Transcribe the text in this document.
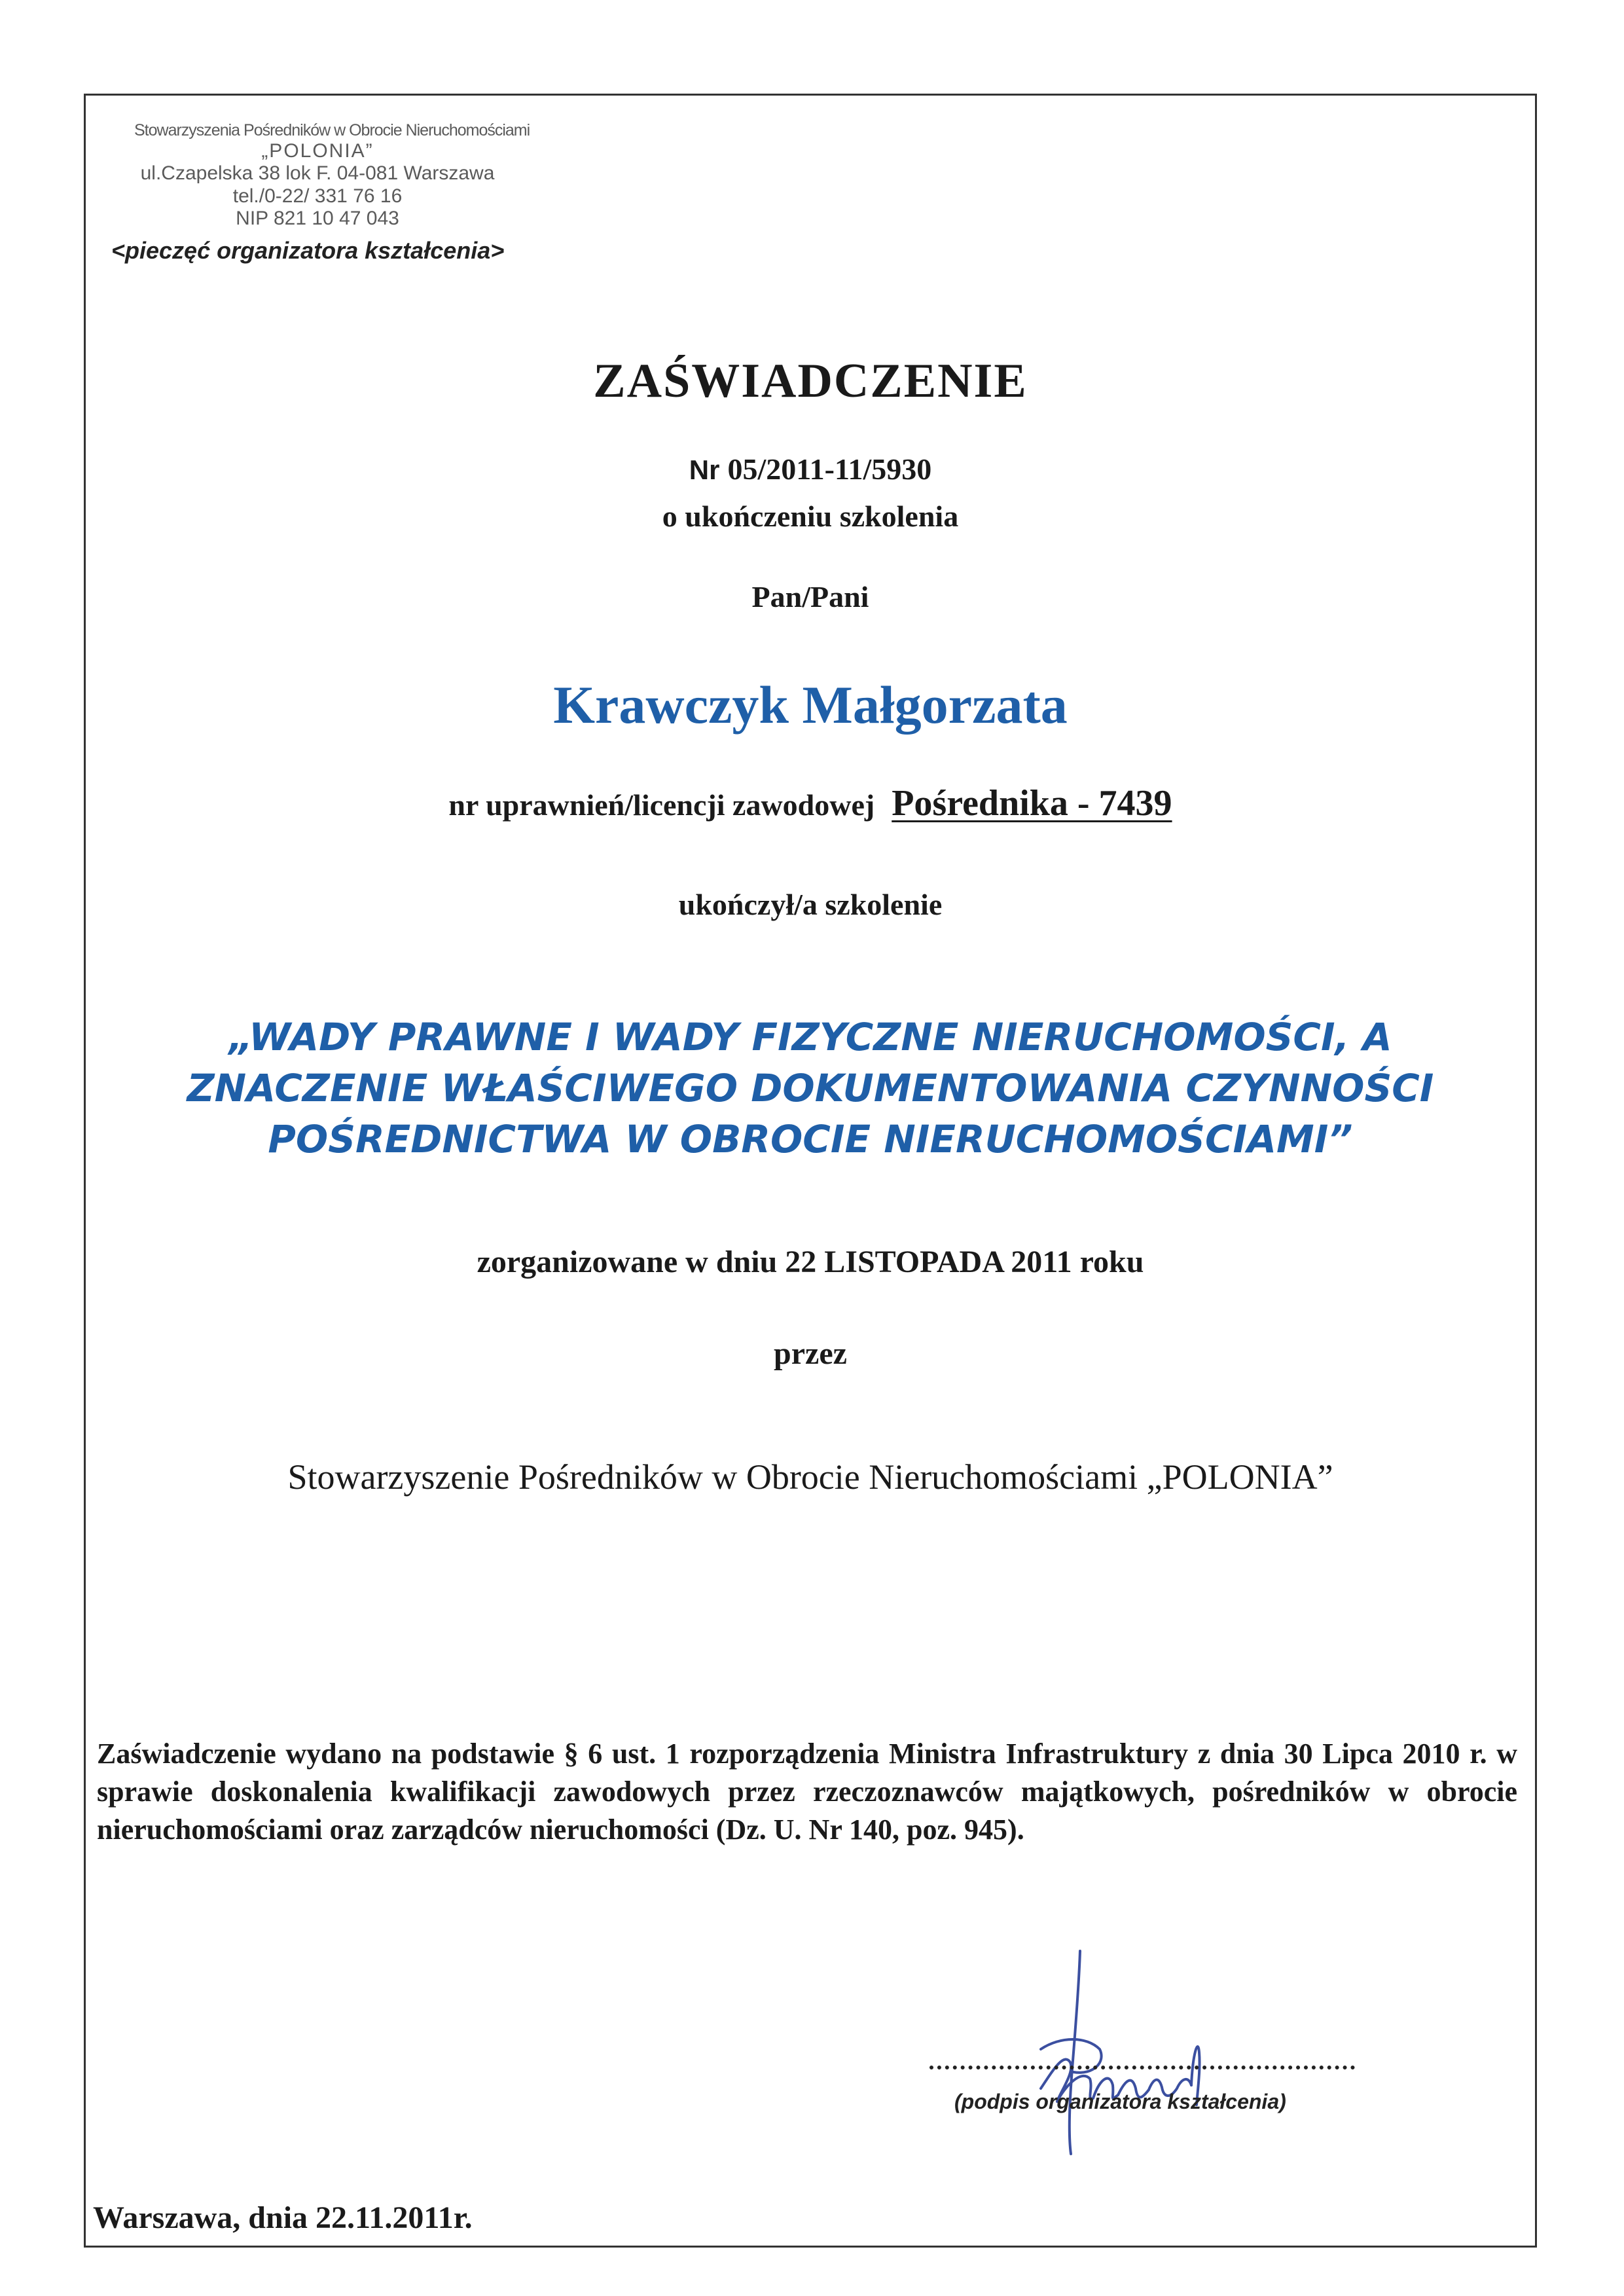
Stowarzyszenia Pośredników w Obrocie Nieruchomościami
„POLONIA”
ul.Czapelska 38 lok F. 04-081 Warszawa
tel./0-22/ 331 76 16
NIP 821 10 47 043
<pieczęć organizatora kształcenia>
ZAŚWIADCZENIE
Nr 05/2011-11/5930
o ukończeniu szkolenia
Pan/Pani
Krawczyk Małgorzata
nr uprawnień/licencji zawodowej Pośrednika - 7439
ukończył/a szkolenie
„WADY PRAWNE I WADY FIZYCZNE NIERUCHOMOŚCI, A
ZNACZENIE WŁAŚCIWEGO DOKUMENTOWANIA CZYNNOŚCI
POŚREDNICTWA W OBROCIE NIERUCHOMOŚCIAMI”
zorganizowane w dniu 22 LISTOPADA 2011 roku
przez
Stowarzyszenie Pośredników w Obrocie Nieruchomościami „POLONIA”
Zaświadczenie wydano na podstawie § 6 ust. 1 rozporządzenia Ministra Infrastruktury z dnia 30 Lipca 2010 r. w sprawie doskonalenia kwalifikacji zawodowych przez rzeczoznawców majątkowych, pośredników w obrocie nieruchomościami oraz zarządców nieruchomości (Dz. U. Nr 140, poz. 945).
(podpis organizatora kształcenia)
Warszawa, dnia 22.11.2011r.
